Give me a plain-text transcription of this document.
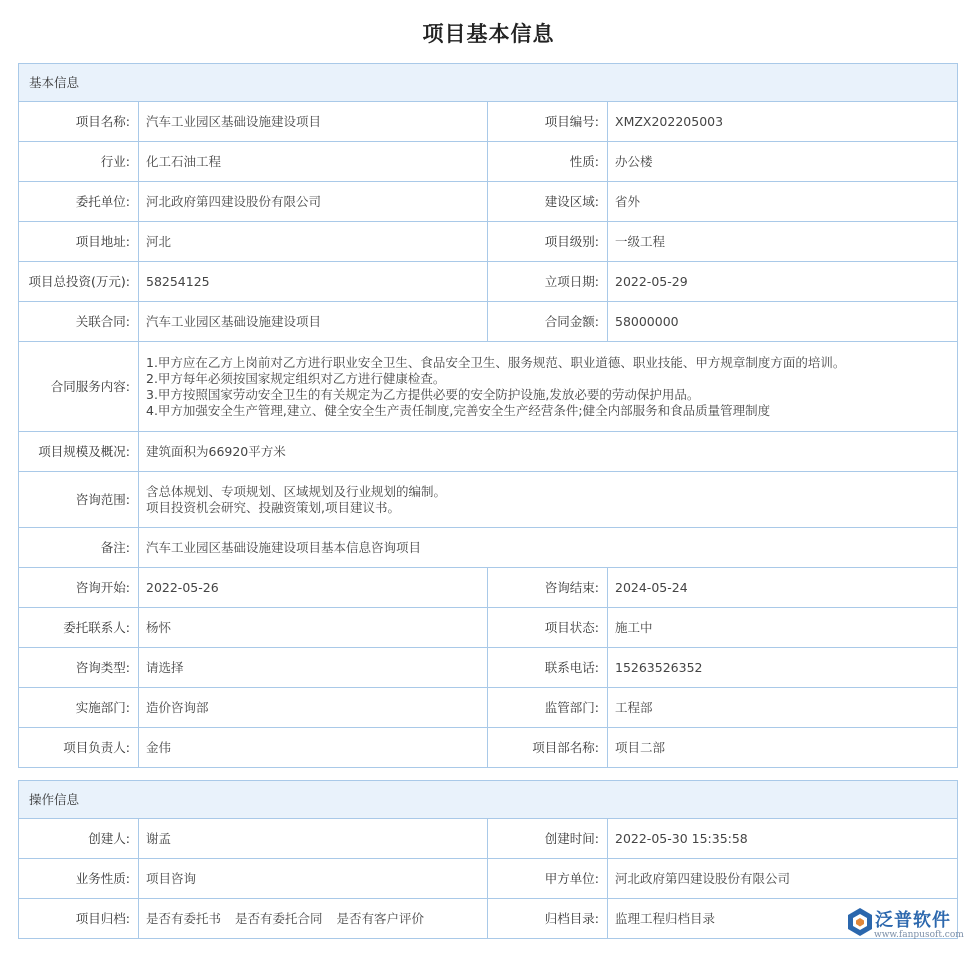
项目基本信息
基本信息			
项目名称:	汽车工业园区基础设施建设项目	项目编号:	XMZX202205003
行业:	化工石油工程	性质:	办公楼
委托单位:	河北政府第四建设股份有限公司	建设区域:	省外
项目地址:	河北	项目级别:	一级工程
项目总投资(万元):	58254125	立项日期:	2022-05-29
关联合同:	汽车工业园区基础设施建设项目	合同金额:	58000000
合同服务内容:	1.甲方应在乙方上岗前对乙方进行职业安全卫生、食品安全卫生、服务规范、职业道德、职业技能、甲方规章制度方面的培训。
2.甲方每年必须按国家规定组织对乙方进行健康检查。
3.甲方按照国家劳动安全卫生的有关规定为乙方提供必要的安全防护设施,发放必要的劳动保护用品。
4.甲方加强安全生产管理,建立、健全安全生产责任制度,完善安全生产经营条件;健全内部服务和食品质量管理制度		

项目规模及概况:	建筑面积为66920平方米		
咨询范围:	含总体规划、专项规划、区域规划及行业规划的编制。
项目投资机会研究、投融资策划,项目建议书。		

备注:	汽车工业园区基础设施建设项目基本信息咨询项目		
咨询开始:	2022-05-26	咨询结束:	2024-05-24
委托联系人:	杨怀	项目状态:	施工中
咨询类型:	请选择	联系电话:	15263526352
实施部门:	造价咨询部	监管部门:	工程部
项目负责人:	金伟	项目部名称:	项目二部
操作信息			
创建人:	谢孟	创建时间:	2022-05-30 15:35:58
业务性质:	项目咨询	甲方单位:	河北政府第四建设股份有限公司
项目归档:	是否有委托书 是否有委托合同 是否有客户评价	归档目录:	监理工程归档目录	泛普软件
www.fanpusoft.com
